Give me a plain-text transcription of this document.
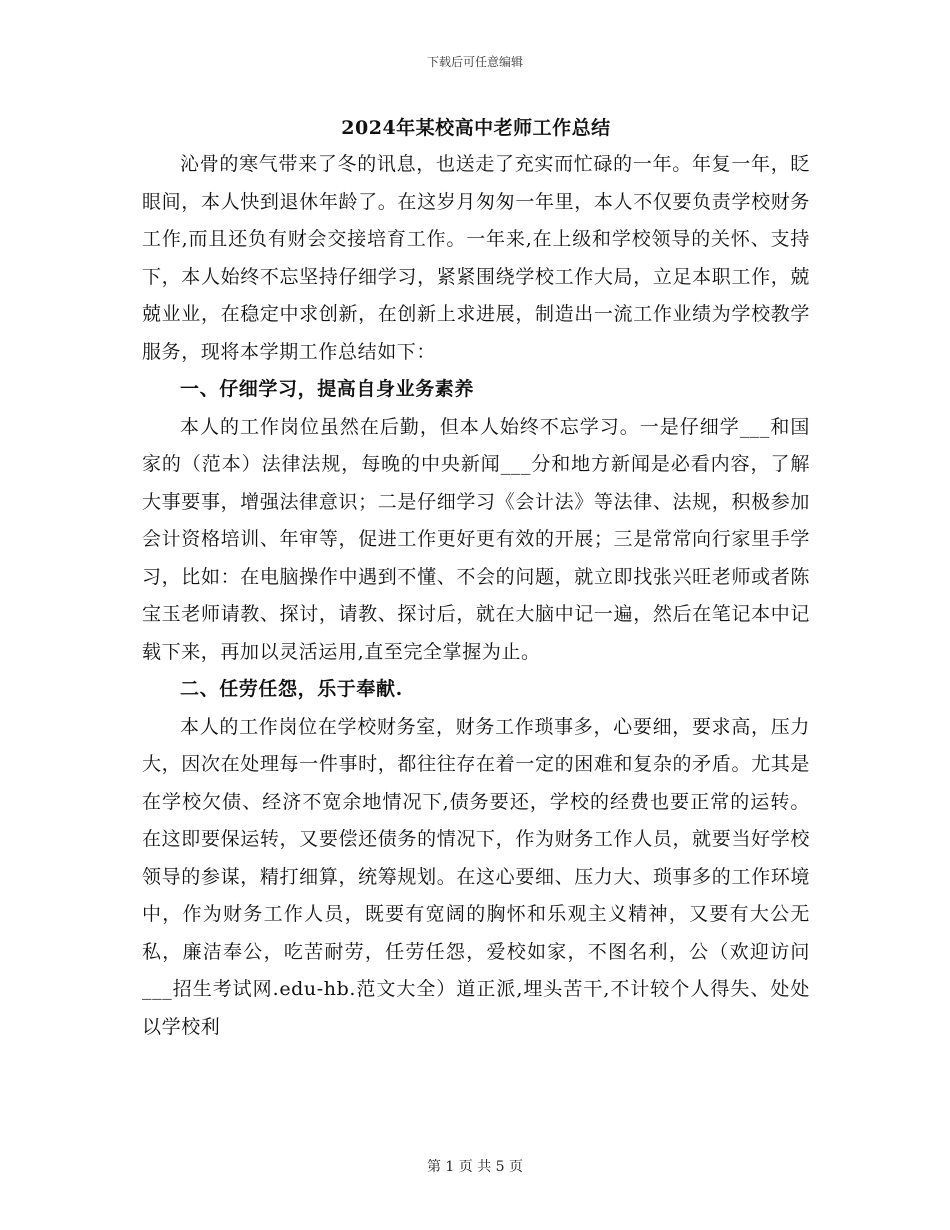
下载后可任意编辑
2024年某校高中老师工作总结

沁骨的寒气带来了冬的讯息，也送走了充实而忙碌的一年。年复一年，眨眼间，本人快到退休年龄了。在这岁月匆匆一年里，本人不仅要负责学校财务工作,而且还负有财会交接培育工作。一年来,在上级和学校领导的关怀、支持下，本人始终不忘坚持仔细学习，紧紧围绕学校工作大局，立足本职工作，兢兢业业，在稳定中求创新，在创新上求进展，制造出一流工作业绩为学校教学服务，现将本学期工作总结如下：

一、仔细学习，提高自身业务素养

本人的工作岗位虽然在后勤，但本人始终不忘学习。一是仔细学___和国家的（范本）法律法规，每晚的中央新闻___分和地方新闻是必看内容，了解大事要事，增强法律意识；二是仔细学习《会计法》等法律、法规，积极参加会计资格培训、年审等，促进工作更好更有效的开展；三是常常向行家里手学习，比如：在电脑操作中遇到不懂、不会的问题，就立即找张兴旺老师或者陈宝玉老师请教、探讨，请教、探讨后，就在大脑中记一遍，然后在笔记本中记载下来，再加以灵活运用,直至完全掌握为止。

二、任劳任怨，乐于奉献.

本人的工作岗位在学校财务室，财务工作琐事多，心要细，要求高，压力大，因次在处理每一件事时，都往往存在着一定的困难和复杂的矛盾。尤其是在学校欠债、经济不宽余地情况下,债务要还，学校的经费也要正常的运转。在这即要保运转，又要偿还债务的情况下，作为财务工作人员，就要当好学校领导的参谋，精打细算，统筹规划。在这心要细、压力大、琐事多的工作环境中，作为财务工作人员，既要有宽阔的胸怀和乐观主义精神，又要有大公无私，廉洁奉公，吃苦耐劳，任劳任怨，爱校如家，不图名利，公（欢迎访问___招生考试网.edu-hb.范文大全）道正派,埋头苦干,不计较个人得失、处处以学校利

第 1 页 共 5 页
